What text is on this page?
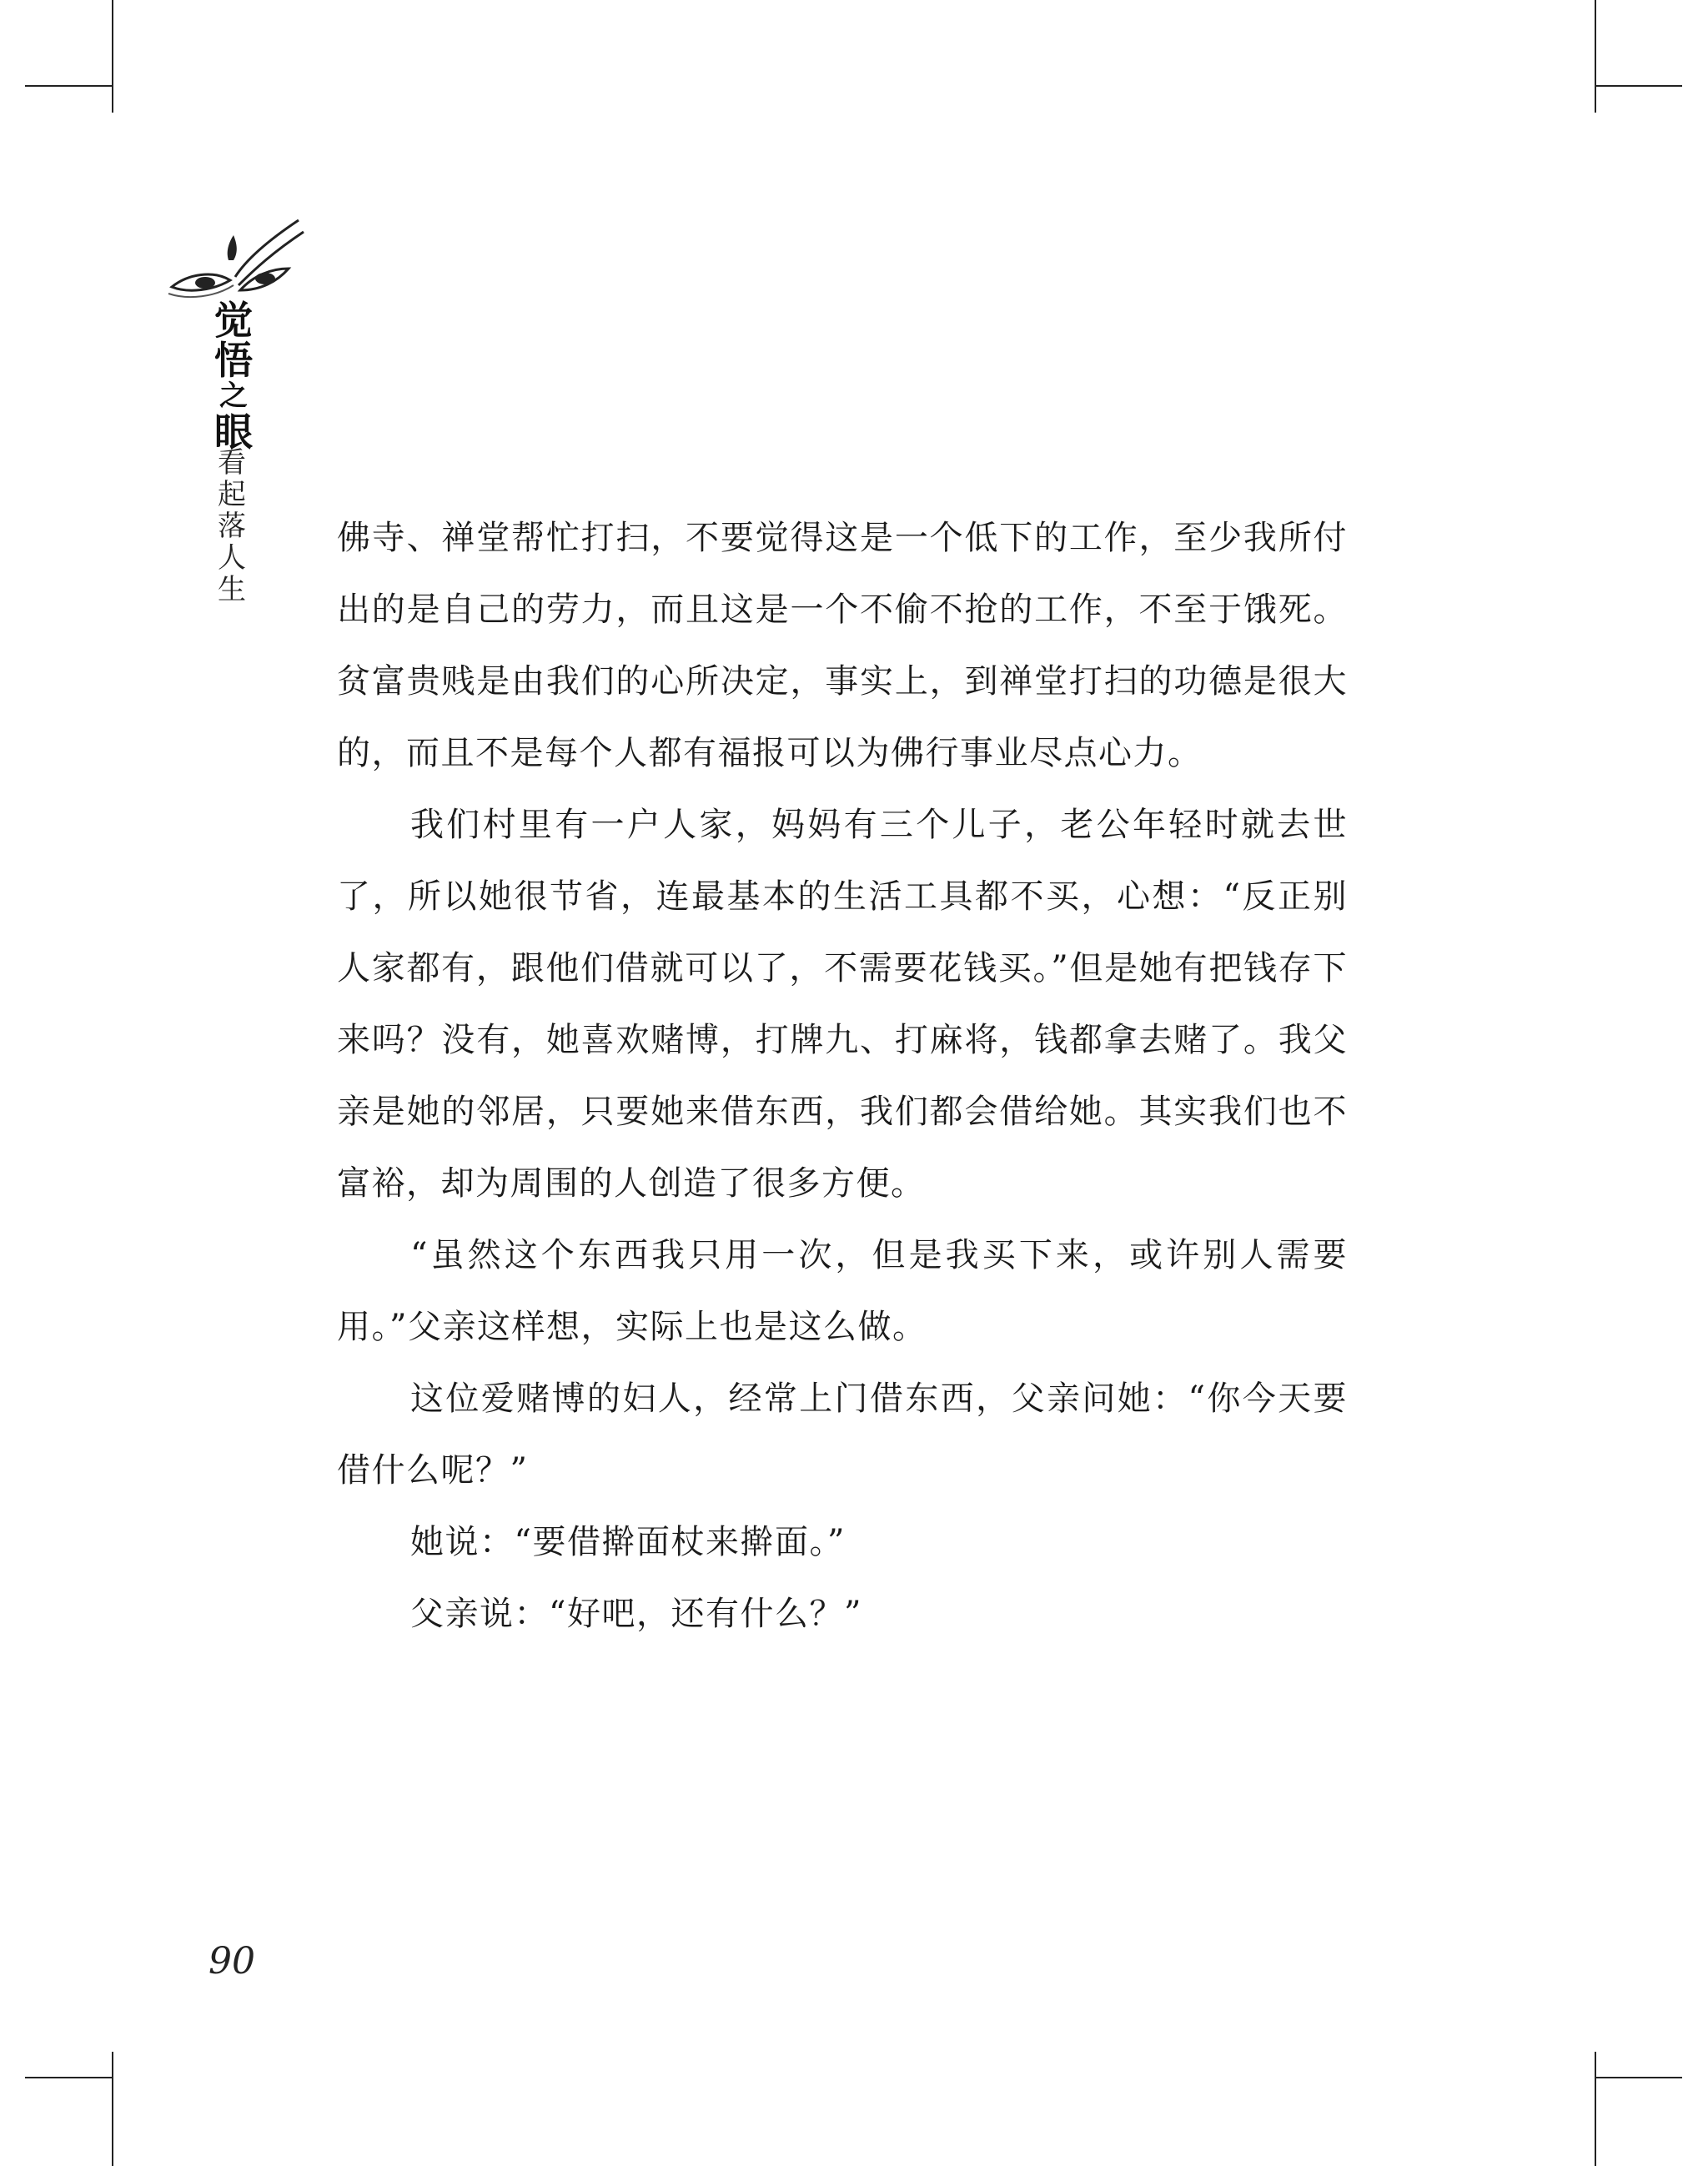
觉
悟
之
眼
看
起
落
人
生

佛寺、禅堂帮忙打扫，不要觉得这是一个低下的工作，至少我所付出的是自己的劳力，而且这是一个不偷不抢的工作，不至于饿死。贫富贵贱是由我们的心所决定，事实上，到禅堂打扫的功德是很大的，而且不是每个人都有福报可以为佛行事业尽点心力。

我们村里有一户人家，妈妈有三个儿子，老公年轻时就去世了，所以她很节省，连最基本的生活工具都不买，心想：“反正别人家都有，跟他们借就可以了，不需要花钱买。”但是她有把钱存下来吗？没有，她喜欢赌博，打牌九、打麻将，钱都拿去赌了。我父亲是她的邻居，只要她来借东西，我们都会借给她。其实我们也不富裕，却为周围的人创造了很多方便。

“虽然这个东西我只用一次，但是我买下来，或许别人需要用。”父亲这样想，实际上也是这么做。

这位爱赌博的妇人，经常上门借东西，父亲问她：“你今天要借什么呢？”

她说：“要借擀面杖来擀面。”

父亲说：“好吧，还有什么？”

90
